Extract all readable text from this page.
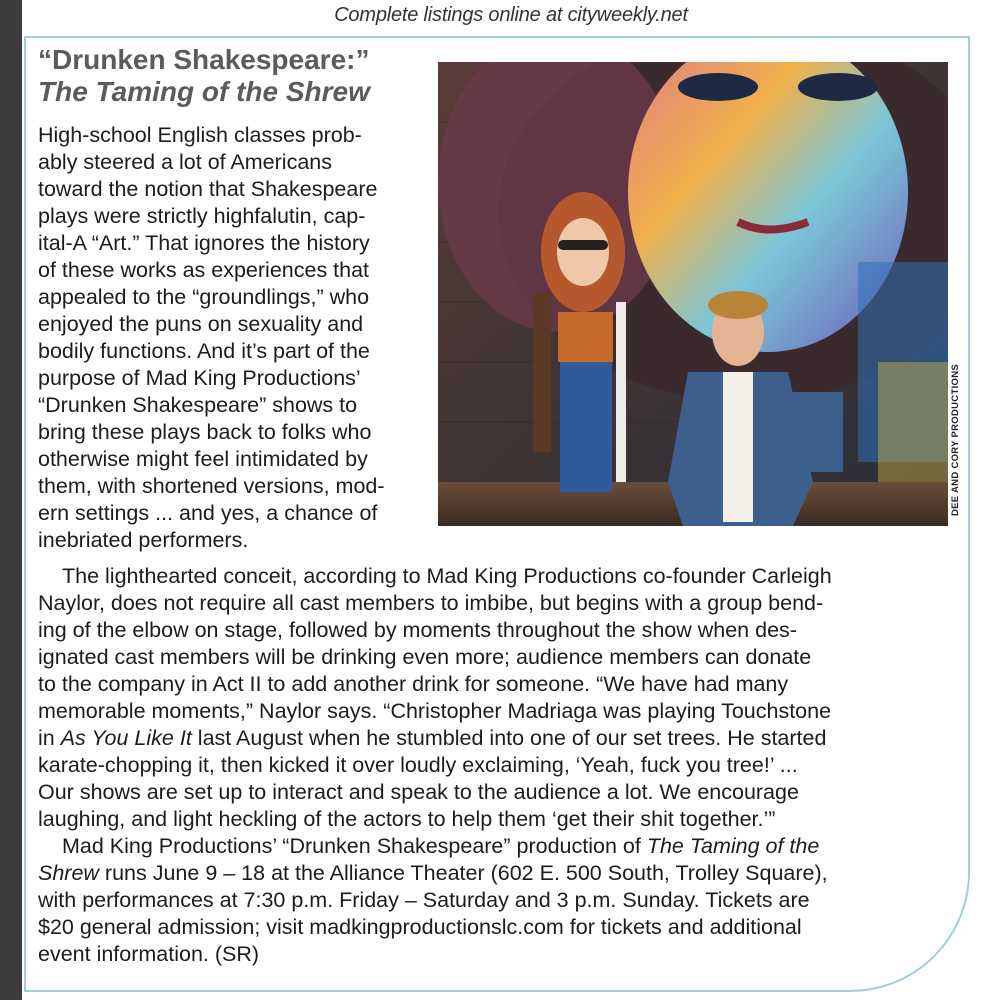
Complete listings online at cityweekly.net
“Drunken Shakespeare:”
The Taming of the Shrew
High-school English classes prob-
ably steered a lot of Americans
toward the notion that Shakespeare
plays were strictly highfalutin, cap-
ital-A “Art.” That ignores the history
of these works as experiences that
appealed to the “groundlings,” who
enjoyed the puns on sexuality and
bodily functions. And it’s part of the
purpose of Mad King Productions’
“Drunken Shakespeare” shows to
bring these plays back to folks who
otherwise might feel intimidated by
them, with shortened versions, mod-
ern settings ... and yes, a chance of
inebriated performers.
DEE AND CORY PRODUCTIONS
The lighthearted conceit, according to Mad King Productions co-founder Carleigh
Naylor, does not require all cast members to imbibe, but begins with a group bend-
ing of the elbow on stage, followed by moments throughout the show when des-
ignated cast members will be drinking even more; audience members can donate
to the company in Act II to add another drink for someone. “We have had many
memorable moments,” Naylor says. “Christopher Madriaga was playing Touchstone
in As You Like It last August when he stumbled into one of our set trees. He started
karate-chopping it, then kicked it over loudly exclaiming, ‘Yeah, fuck you tree!’ ...
Our shows are set up to interact and speak to the audience a lot. We encourage
laughing, and light heckling of the actors to help them ‘get their shit together.’”
Mad King Productions’ “Drunken Shakespeare” production of The Taming of the
Shrew runs June 9 – 18 at the Alliance Theater (602 E. 500 South, Trolley Square),
with performances at 7:30 p.m. Friday – Saturday and 3 p.m. Sunday. Tickets are
$20 general admission; visit madkingproductionslc.com for tickets and additional
event information. (SR)
